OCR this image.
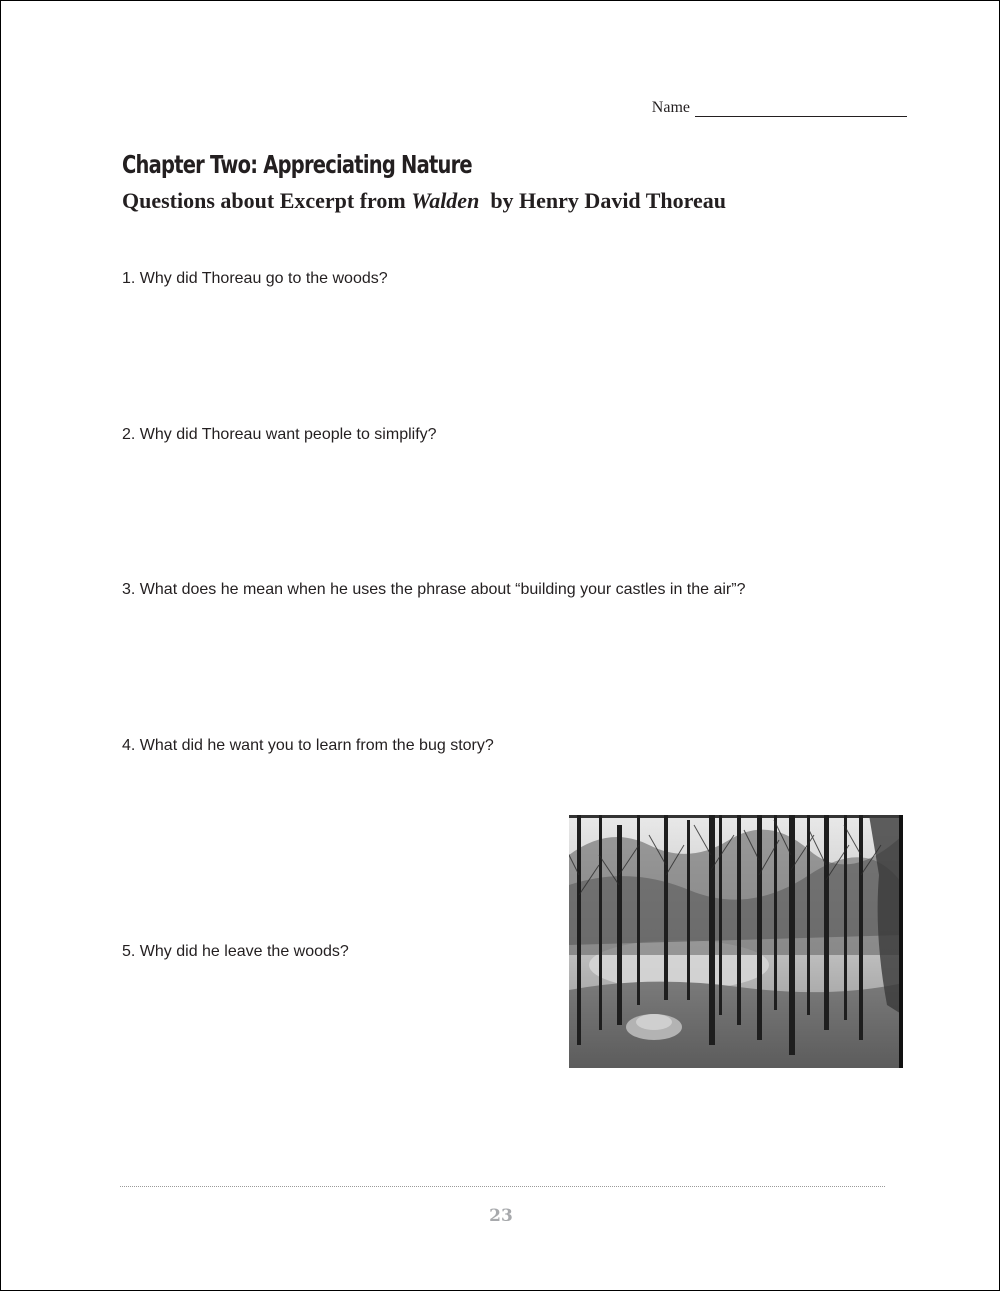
Name
Chapter Two: Appreciating Nature
Questions about Excerpt from Walden by Henry David Thoreau
1. Why did Thoreau go to the woods?
2. Why did Thoreau want people to simplify?
3. What does he mean when he uses the phrase about “building your castles in the air”?
4. What did he want you to learn from the bug story?
5. Why did he leave the woods?
23
